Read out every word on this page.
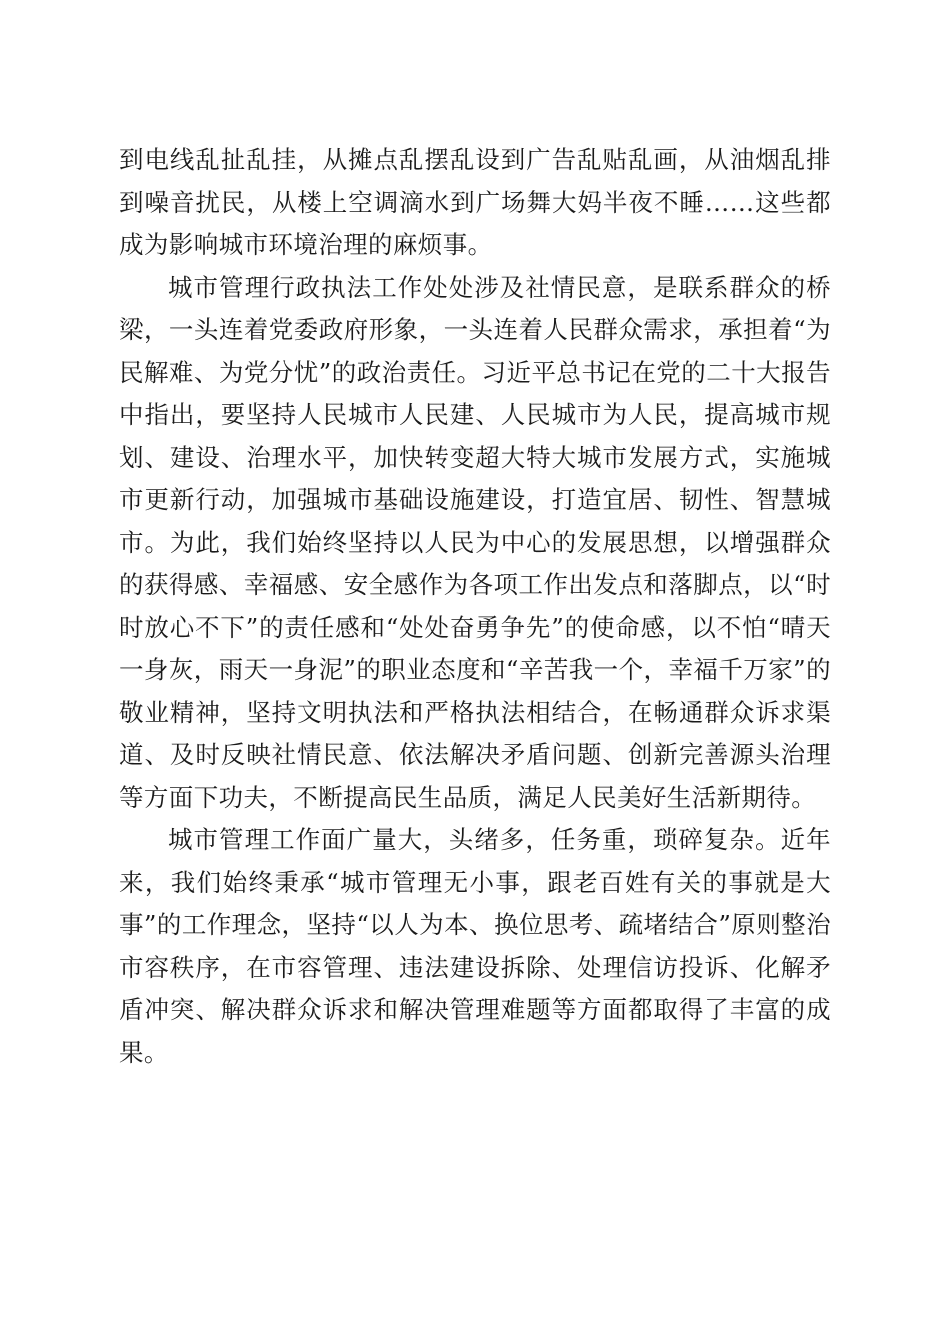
到电线乱扯乱挂，从摊点乱摆乱设到广告乱贴乱画，从油烟乱排到噪音扰民，从楼上空调滴水到广场舞大妈半夜不睡……这些都成为影响城市环境治理的麻烦事。

城市管理行政执法工作处处涉及社情民意，是联系群众的桥梁，一头连着党委政府形象，一头连着人民群众需求，承担着“为民解难、为党分忧”的政治责任。习近平总书记在党的二十大报告中指出，要坚持人民城市人民建、人民城市为人民，提高城市规划、建设、治理水平，加快转变超大特大城市发展方式，实施城市更新行动，加强城市基础设施建设，打造宜居、韧性、智慧城市。为此，我们始终坚持以人民为中心的发展思想，以增强群众的获得感、幸福感、安全感作为各项工作出发点和落脚点，以“时时放心不下”的责任感和“处处奋勇争先”的使命感，以不怕“晴天一身灰，雨天一身泥”的职业态度和“辛苦我一个，幸福千万家”的敬业精神，坚持文明执法和严格执法相结合，在畅通群众诉求渠道、及时反映社情民意、依法解决矛盾问题、创新完善源头治理等方面下功夫，不断提高民生品质，满足人民美好生活新期待。

城市管理工作面广量大，头绪多，任务重，琐碎复杂。近年来，我们始终秉承“城市管理无小事，跟老百姓有关的事就是大事”的工作理念，坚持“以人为本、换位思考、疏堵结合”原则整治市容秩序，在市容管理、违法建设拆除、处理信访投诉、化解矛盾冲突、解决群众诉求和解决管理难题等方面都取得了丰富的成果。
